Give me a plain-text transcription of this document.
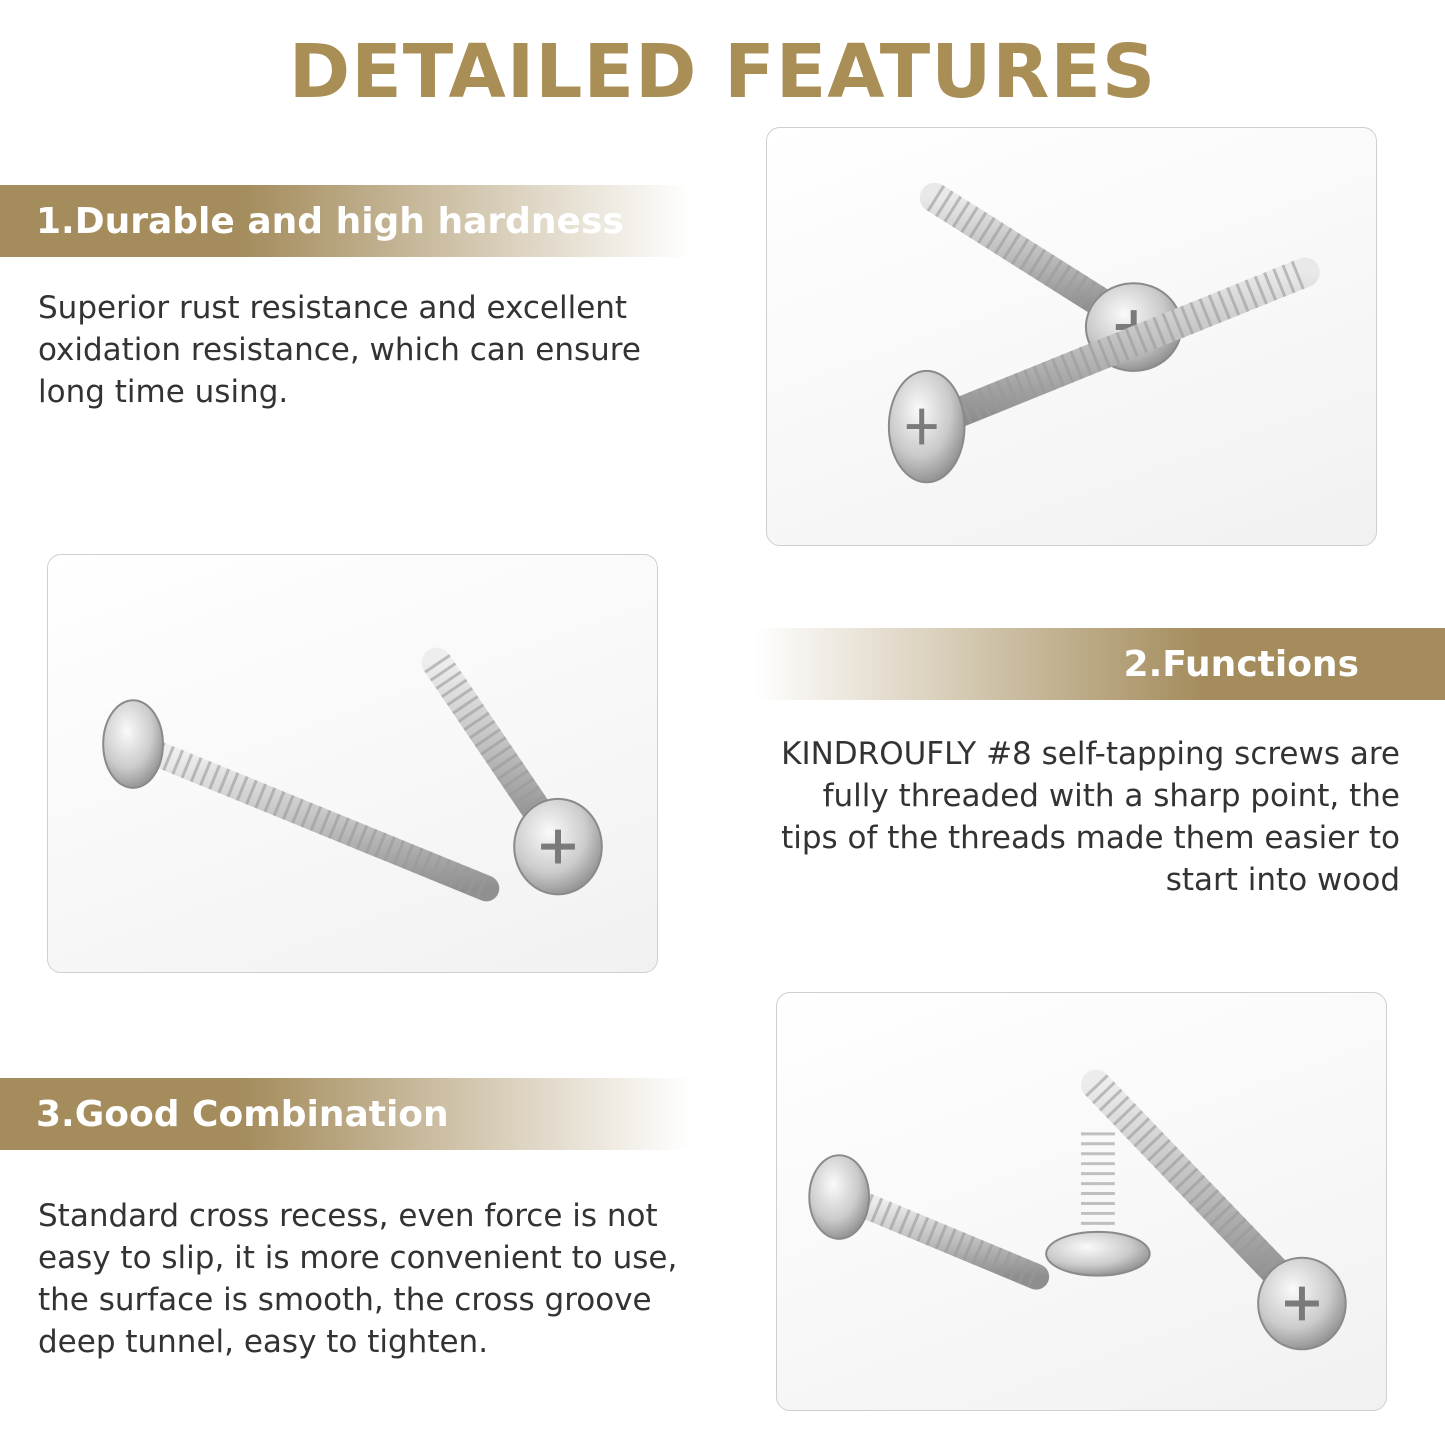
DETAILED FEATURES
1.Durable and high hardness

Superior rust resistance and excellent oxidation resistance, which can ensure long time using.

2.Functions

KINDROUFLY #8 self-tapping screws are fully threaded with a sharp point, the tips of the threads made them easier to start into wood

3.Good Combination

Standard cross recess, even force is not easy to slip, it is more convenient to use, the surface is smooth, the cross groove deep tunnel, easy to tighten.
